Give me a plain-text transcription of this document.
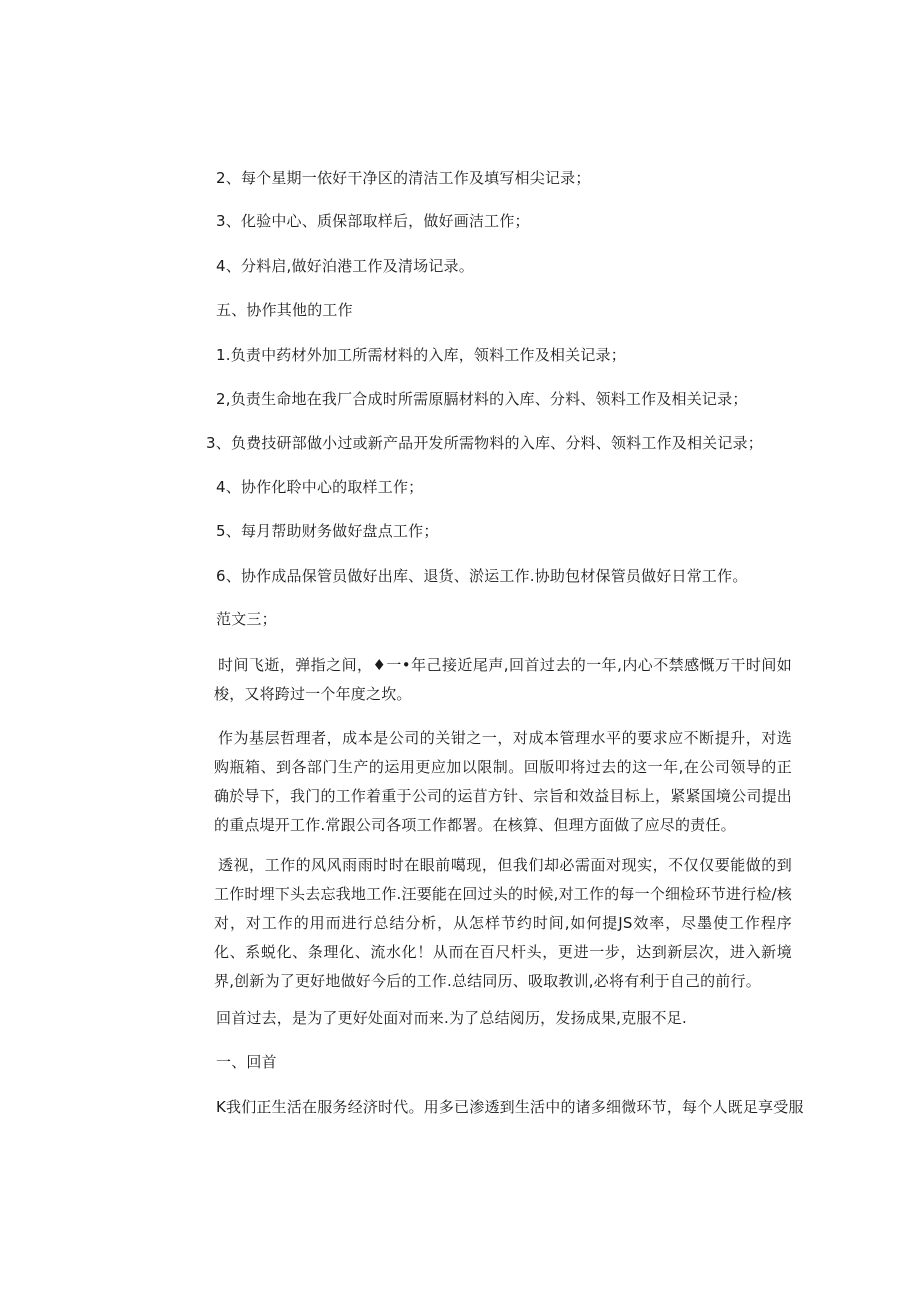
2、每个星期一依好干净区的清洁工作及填写相尖记录；
3、化验中心、质保部取样后，做好画洁工作；
4、分料启,做好泊港工作及清场记录。
五、协作其他的工作
1.负责中药材外加工所需材料的入库，领料工作及相关记录；
2,负责生命地在我厂合成时所需原膈材料的入库、分料、领料工作及相关记录；
3、负费技研部做小过或新产品开发所需物料的入库、分料、领料工作及相关记录；
4、协作化聆中心的取样工作；
5、每月帮助财务做好盘点工作；
6、协作成品保管员做好出库、退货、淤运工作.协助包材保管员做好日常工作。
范文三；
时间飞逝，弹指之间，♦一•年己接近尾声,回首过去的一年,内心不禁感慨万干时间如梭，又将跨过一个年度之坎。
作为基层哲理者，成本是公司的关钳之一，对成本管理水平的要求应不断提升，对选购瓶箱、到各部门生产的运用更应加以限制。回版叩将过去的这一年,在公司领导的正确於导下，我门的工作着重于公司的运苜方针、宗旨和效益目标上，紧紧国境公司提出的重点堤开工作.常跟公司各项工作都署。在核算、但理方面做了应尽的责任。
透视，工作的风风雨雨时时在眼前噶现，但我们却必需面对现实，不仅仅要能做的到工作时埋下头去忘我地工作.汪要能在回过头的时候,对工作的每一个细检环节进行检/核对，对工作的用而进行总结分析，从怎样节约时间,如何提JS效率，尽墨使工作程序化、系蜕化、条理化、流水化！从而在百尺杆头，更进一步，达到新层次，进入新境界,创新为了更好地做好今后的工作.总结同历、吸取教训,必将有利于自己的前行。
回首过去，是为了更好处面对而来.为了总结阅历，发扬成果,克服不足.
一、回首
K我们正生活在服务经济时代。用多已渗透到生活中的诸多细微环节，每个人既足享受服
